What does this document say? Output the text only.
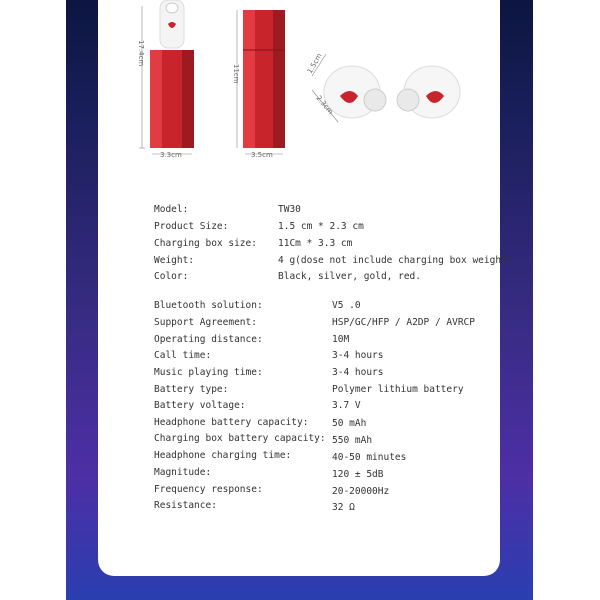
17.4cm
3.3cm
11cm
3.5cm
1.5cm
2.3cm
Model:	TW30
Product Size:	1.5 cm * 2.3 cm
Charging box size: 11Cm * 3.3 cm
Weight:	4 g(dose not include charging box weight)
Color:	Black, silver, gold, red.
Bluetooth solution:	V5 .0
Support Agreement:	HSP/GC/HFP / A2DP / AVRCP
Operating distance:	10M
Call time:	3-4 hours
Music playing time:	3-4 hours
Battery type:	Polymer lithium battery
Battery voltage:	3.7 V
Headphone battery capacity: 50 mAh
Charging box battery capacity: 550 mAh
Headphone charging time:	40-50 minutes
Magnitude:	120 ± 5dB
Frequency response:	20-20000Hz
Resistance:	32 Ω
